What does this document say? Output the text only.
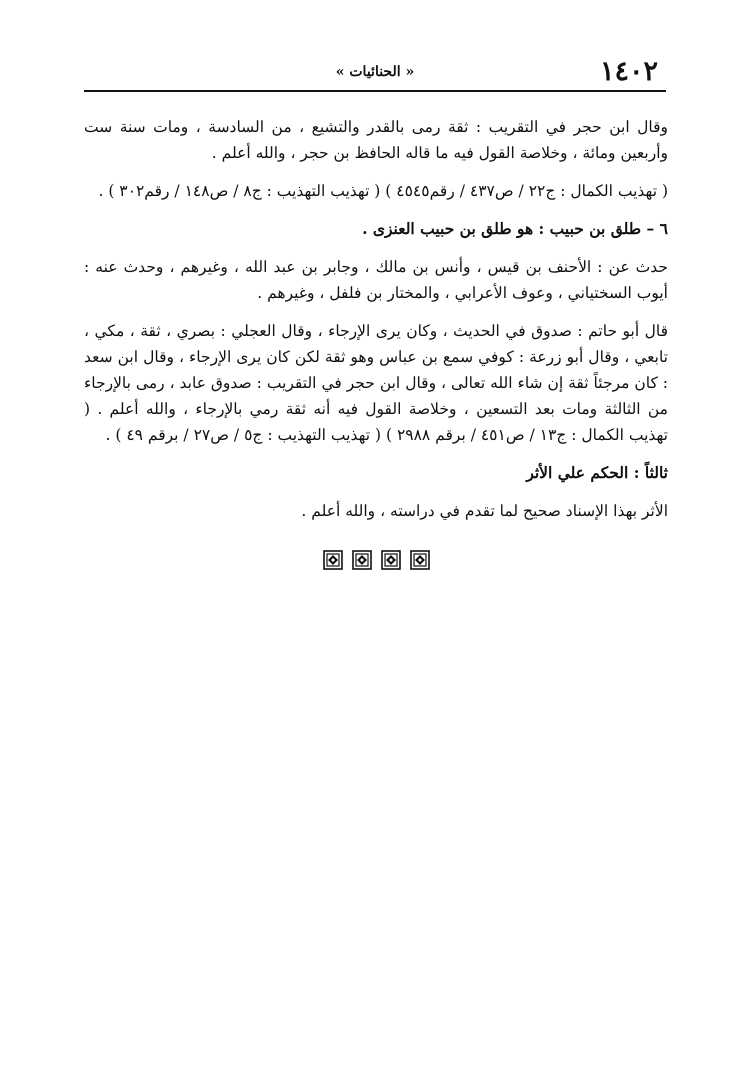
١٤٠٢
« الحنائيات »

وقال ابن حجر في التقريب : ثقة رمى بالقدر والتشيع ، من السادسة ، ومات سنة ست وأربعين ومائة ، وخلاصة القول فيه ما قاله الحافظ بن حجر ، والله أعلم .

( تهذيب الكمال : ج٢٢ / ص٤٣٧ / رقم٤٥٤٥ ) ( تهذيب التهذيب : ج٨ / ص١٤٨ / رقم٣٠٢ ) .

٦ – طلق بن حبيب : هو طلق بن حبيب العنزى .

حدث عن : الأحنف بن قيس ، وأنس بن مالك ، وجابر بن عبد الله ، وغيرهم ، وحدث عنه : أيوب السختياني ، وعوف الأعرابي ، والمختار بن فلفل ، وغيرهم .

قال أبو حاتم : صدوق في الحديث ، وكان يرى الإرجاء ، وقال العجلي : بصري ، ثقة ، مكي ، تابعي ، وقال أبو زرعة : كوفي سمع بن عباس وهو ثقة لكن كان يرى الإرجاء ، وقال ابن سعد : كان مرجئاً ثقة إن شاء الله تعالى ، وقال ابن حجر في التقريب : صدوق عابد ، رمى بالإرجاء من الثالثة ومات بعد التسعين ، وخلاصة القول فيه أنه ثقة رمي بالإرجاء ، والله أعلم . ( تهذيب الكمال : ج١٣ / ص٤٥١ / برقم ٢٩٨٨ ) ( تهذيب التهذيب : ج٥ / ص٢٧ / برقم ٤٩ ) .

ثالثاً : الحكم علي الأثر

الأثر بهذا الإسناد صحيح لما تقدم في دراسته ، والله أعلم .
